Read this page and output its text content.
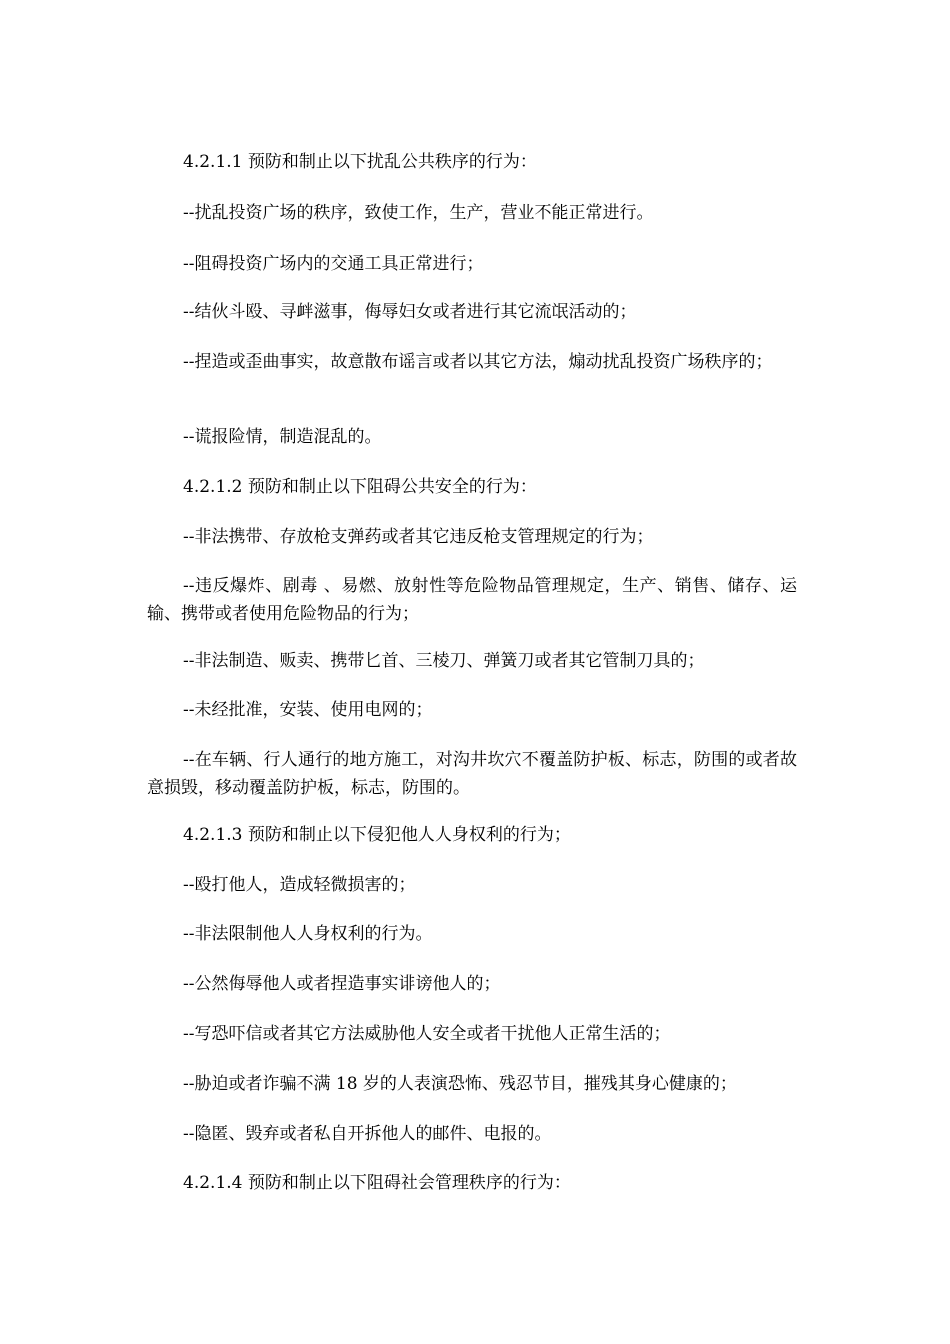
4.2.1.1 预防和制止以下扰乱公共秩序的行为：

--扰乱投资广场的秩序，致使工作，生产，营业不能正常进行。

--阻碍投资广场内的交通工具正常进行；

--结伙斗殴、寻衅滋事，侮辱妇女或者进行其它流氓活动的；

--捏造或歪曲事实，故意散布谣言或者以其它方法，煽动扰乱投资广场秩序的；

--谎报险情，制造混乱的。

4.2.1.2 预防和制止以下阻碍公共安全的行为：

--非法携带、存放枪支弹药或者其它违反枪支管理规定的行为；

--违反爆炸、剧毒 、易燃、放射性等危险物品管理规定，生产、销售、储存、运输、携带或者使用危险物品的行为；

--非法制造、贩卖、携带匕首、三棱刀、弹簧刀或者其它管制刀具的；

--未经批准，安装、使用电网的；

--在车辆、行人通行的地方施工，对沟井坎穴不覆盖防护板、标志，防围的或者故意损毁，移动覆盖防护板，标志，防围的。

4.2.1.3 预防和制止以下侵犯他人人身权利的行为；

--殴打他人，造成轻微损害的；

--非法限制他人人身权利的行为。

--公然侮辱他人或者捏造事实诽谤他人的；

--写恐吓信或者其它方法威胁他人安全或者干扰他人正常生活的；

--胁迫或者诈骗不满 18 岁的人表演恐怖、残忍节目，摧残其身心健康的；

--隐匿、毁弃或者私自开拆他人的邮件、电报的。

4.2.1.4 预防和制止以下阻碍社会管理秩序的行为：
